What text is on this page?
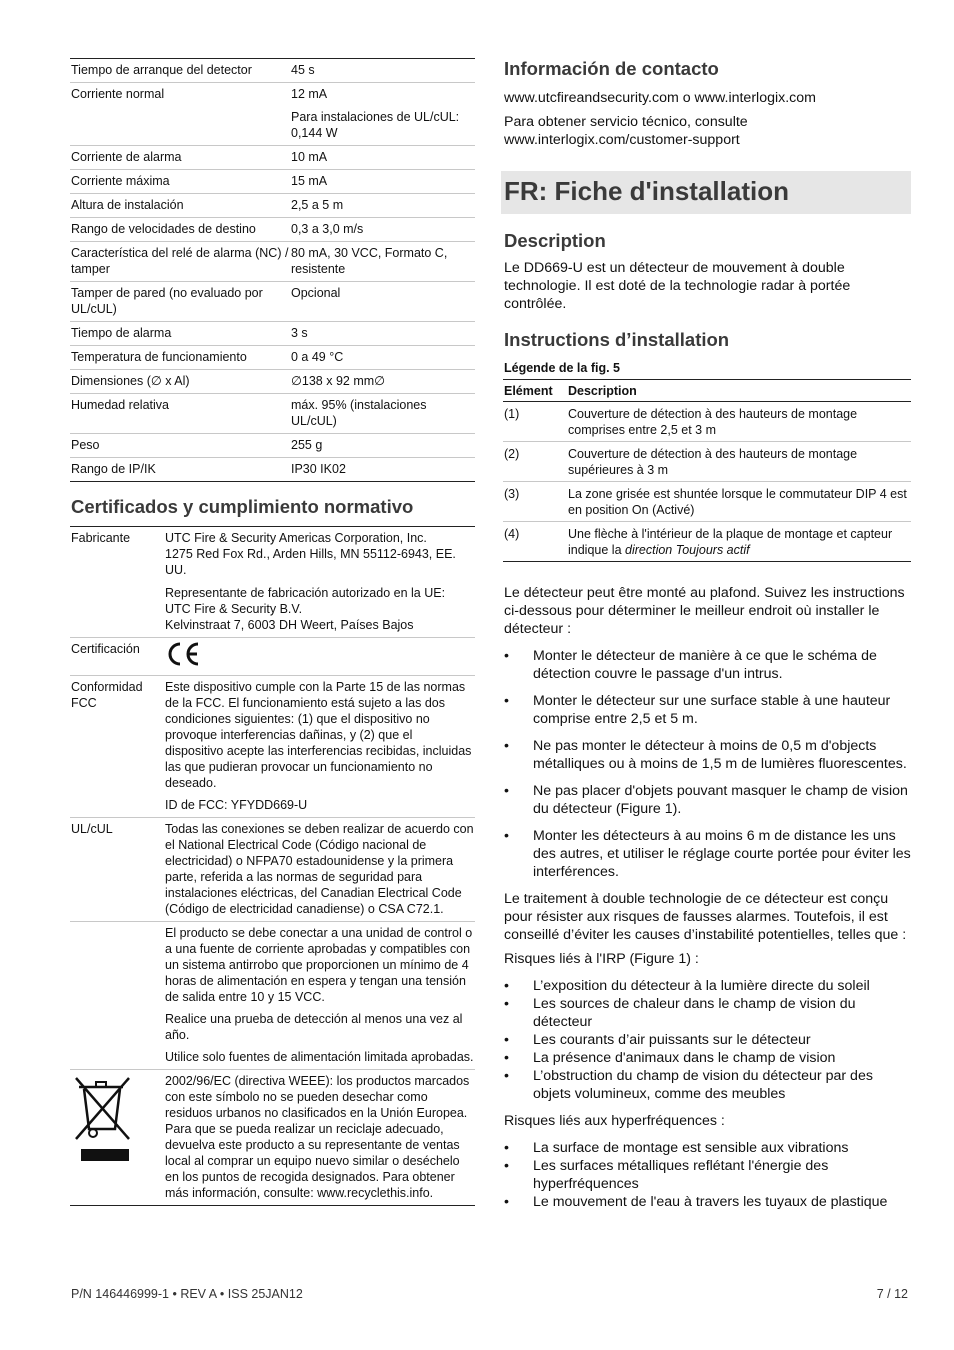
Tiempo de arranque del detector	45 s
Corriente normal	12 mA
	Para instalaciones de UL/cUL: 0,144 W
Corriente de alarma	10 mA
Corriente máxima	15 mA
Altura de instalación	2,5 a 5 m
Rango de velocidades de destino	0,3 a 3,0 m/s
Característica del relé de alarma (NC) / tamper	80 mA, 30 VCC, Formato C, resistente
Tamper de pared (no evaluado por UL/cUL)	Opcional
Tiempo de alarma	3 s
Temperatura de funcionamiento	0 a 49 °C
Dimensiones (∅ x Al)	∅138 x 92 mm∅
Humedad relativa	máx. 95% (instalaciones UL/cUL)
Peso	255 g
Rango de IP/IK	IP30 IK02
Certificados y cumplimiento normativo
Fabricante	UTC Fire & Security Americas Corporation, Inc.
1275 Red Fox Rd., Arden Hills, MN 55112-6943, EE. UU.

	Representante de fabricación autorizado en la UE:
UTC Fire & Security B.V.
Kelvinstraat 7, 6003 DH Weert, Países Bajos

Certificación	
Conformidad FCC	Este dispositivo cumple con la Parte 15 de las normas de la FCC. El funcionamiento está sujeto a las dos condiciones siguientes: (1) que el dispositivo no provoque interferencias dañinas, y (2) que el dispositivo acepte las interferencias recibidas, incluidas las que pudieran provocar un funcionamiento no deseado.
ID de FCC: YFYDD669-U

UL/cUL	Todas las conexiones se deben realizar de acuerdo con el National Electrical Code (Código nacional de electricidad) o NFPA70 estadounidense y la primera parte, referida a las normas de seguridad para instalaciones eléctricas, del Canadian Electrical Code (Código de electricidad canadiense) o CSA C72.1.

	El producto se debe conectar a una unidad de control o a una fuente de corriente aprobadas y compatibles con un sistema antirrobo que proporcionen un mínimo de 4 horas de alimentación en espera y tengan una tensión de salida entre 10 y 15 VCC.
Realice una prueba de detección al menos una vez al año.
Utilice solo fuentes de alimentación limitada aprobadas.

2002/96/EC (directiva WEEE): los productos marcados con este símbolo no se pueden desechar como residuos urbanos no clasificados en la Unión Europea. Para que se pueda realizar un reciclaje adecuado, devuelva este producto a su representante de ventas local al comprar un equipo nuevo similar o deséchelo en los puntos de recogida designados. Para obtener más información, consulte: www.recyclethis.info.
Información de contacto

www.utcfireandsecurity.com o www.interlogix.com

Para obtener servicio técnico, consulte
www.interlogix.com/customer-support

FR: Fiche d'installation
Description

Le DD669-U est un détecteur de mouvement à double technologie. Il est doté de la technologie radar à portée contrôlée.

Instructions d’installation
Légende de la fig. 5
Elément	Description
(1)	Couverture de détection à des hauteurs de montage comprises entre 2,5 et 3 m
(2)	Couverture de détection à des hauteurs de montage supérieures à 3 m
(3)	La zone grisée est shuntée lorsque le commutateur DIP 4 est en position On (Activé)
(4)	Une flèche à l'intérieur de la plaque de montage et capteur indique la direction Toujours actif

Le détecteur peut être monté au plafond. Suivez les instructions ci-dessous pour déterminer le meilleur endroit où installer le détecteur :

• Monter le détecteur de manière à ce que le schéma de détection couvre le passage d'un intrus.
• Monter le détecteur sur une surface stable à une hauteur comprise entre 2,5 et 5 m.
• Ne pas monter le détecteur à moins de 0,5 m d'objects métalliques ou à moins de 1,5 m de lumières fluorescentes.
• Ne pas placer d'objets pouvant masquer le champ de vision du détecteur (Figure 1).
• Monter les détecteurs à au moins 6 m de distance les uns des autres, et utiliser le réglage courte portée pour éviter les interférences.

Le traitement à double technologie de ce détecteur est conçu pour résister aux risques de fausses alarmes. Toutefois, il est conseillé d’éviter les causes d’instabilité potentielles, telles que :

Risques liés à l'IRP (Figure 1) :

• L’exposition du détecteur à la lumière directe du soleil
• Les sources de chaleur dans le champ de vision du détecteur
• Les courants d’air puissants sur le détecteur
• La présence d'animaux dans le champ de vision
• L’obstruction du champ de vision du détecteur par des objets volumineux, comme des meubles

Risques liés aux hyperfréquences :

• La surface de montage est sensible aux vibrations
• Les surfaces métalliques reflétant l'énergie des hyperfréquences
• Le mouvement de l'eau à travers les tuyaux de plastique
P/N 146446999-1 • REV A • ISS 25JAN12	7 / 12
